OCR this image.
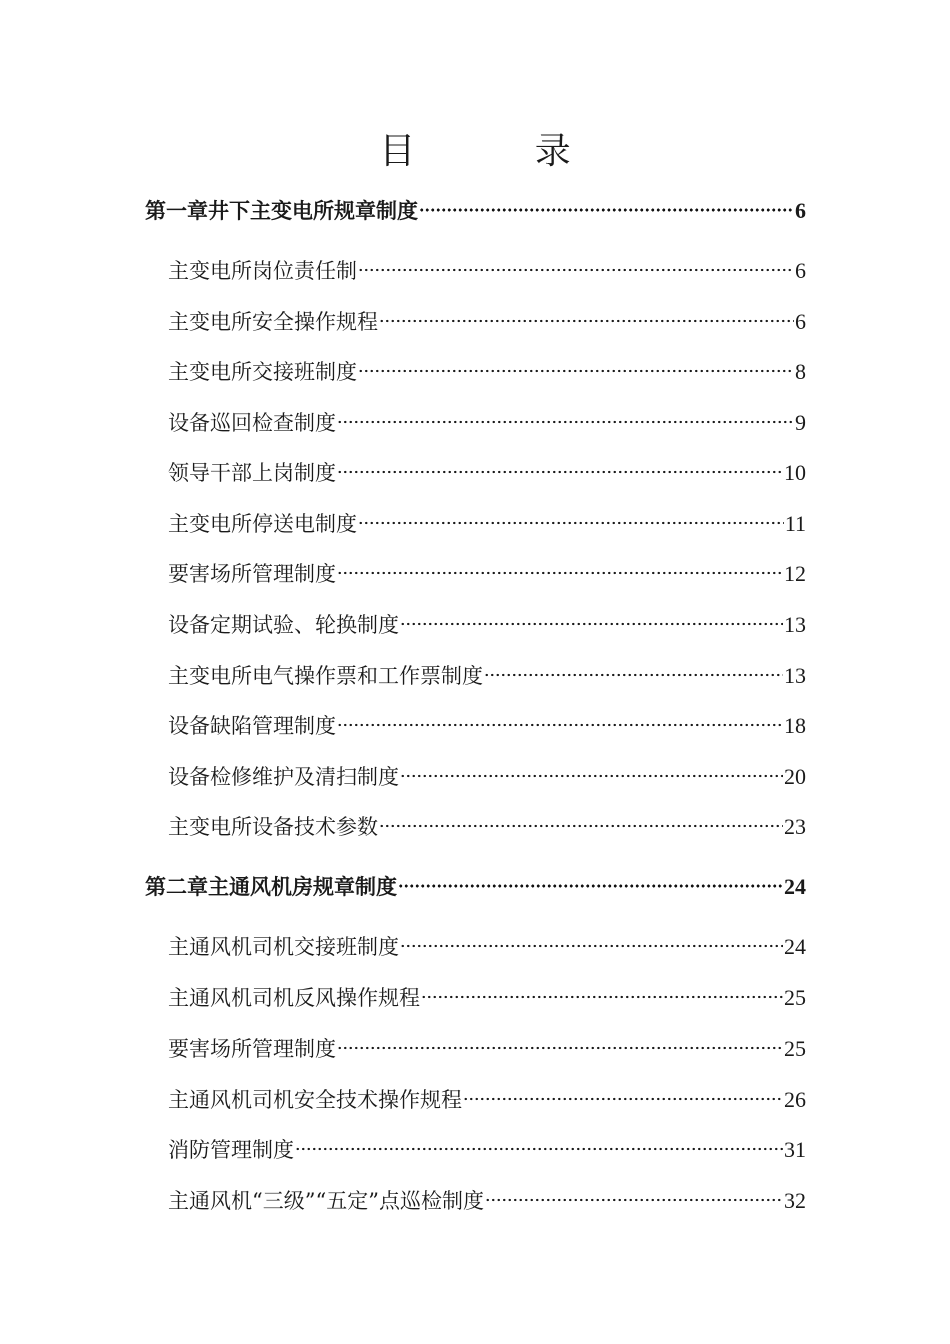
目 录
第一章井下主变电所规章制度	6
主变电所岗位责任制	6
主变电所安全操作规程	6
主变电所交接班制度	8
设备巡回检查制度	9
领导干部上岗制度	10
主变电所停送电制度	11
要害场所管理制度	12
设备定期试验、轮换制度	13
主变电所电气操作票和工作票制度	13
设备缺陷管理制度	18
设备检修维护及清扫制度	20
主变电所设备技术参数	23
第二章主通风机房规章制度	24
主通风机司机交接班制度	24
主通风机司机反风操作规程	25
要害场所管理制度	25
主通风机司机安全技术操作规程	26
消防管理制度	31
主通风机“三级”“五定”点巡检制度	32
